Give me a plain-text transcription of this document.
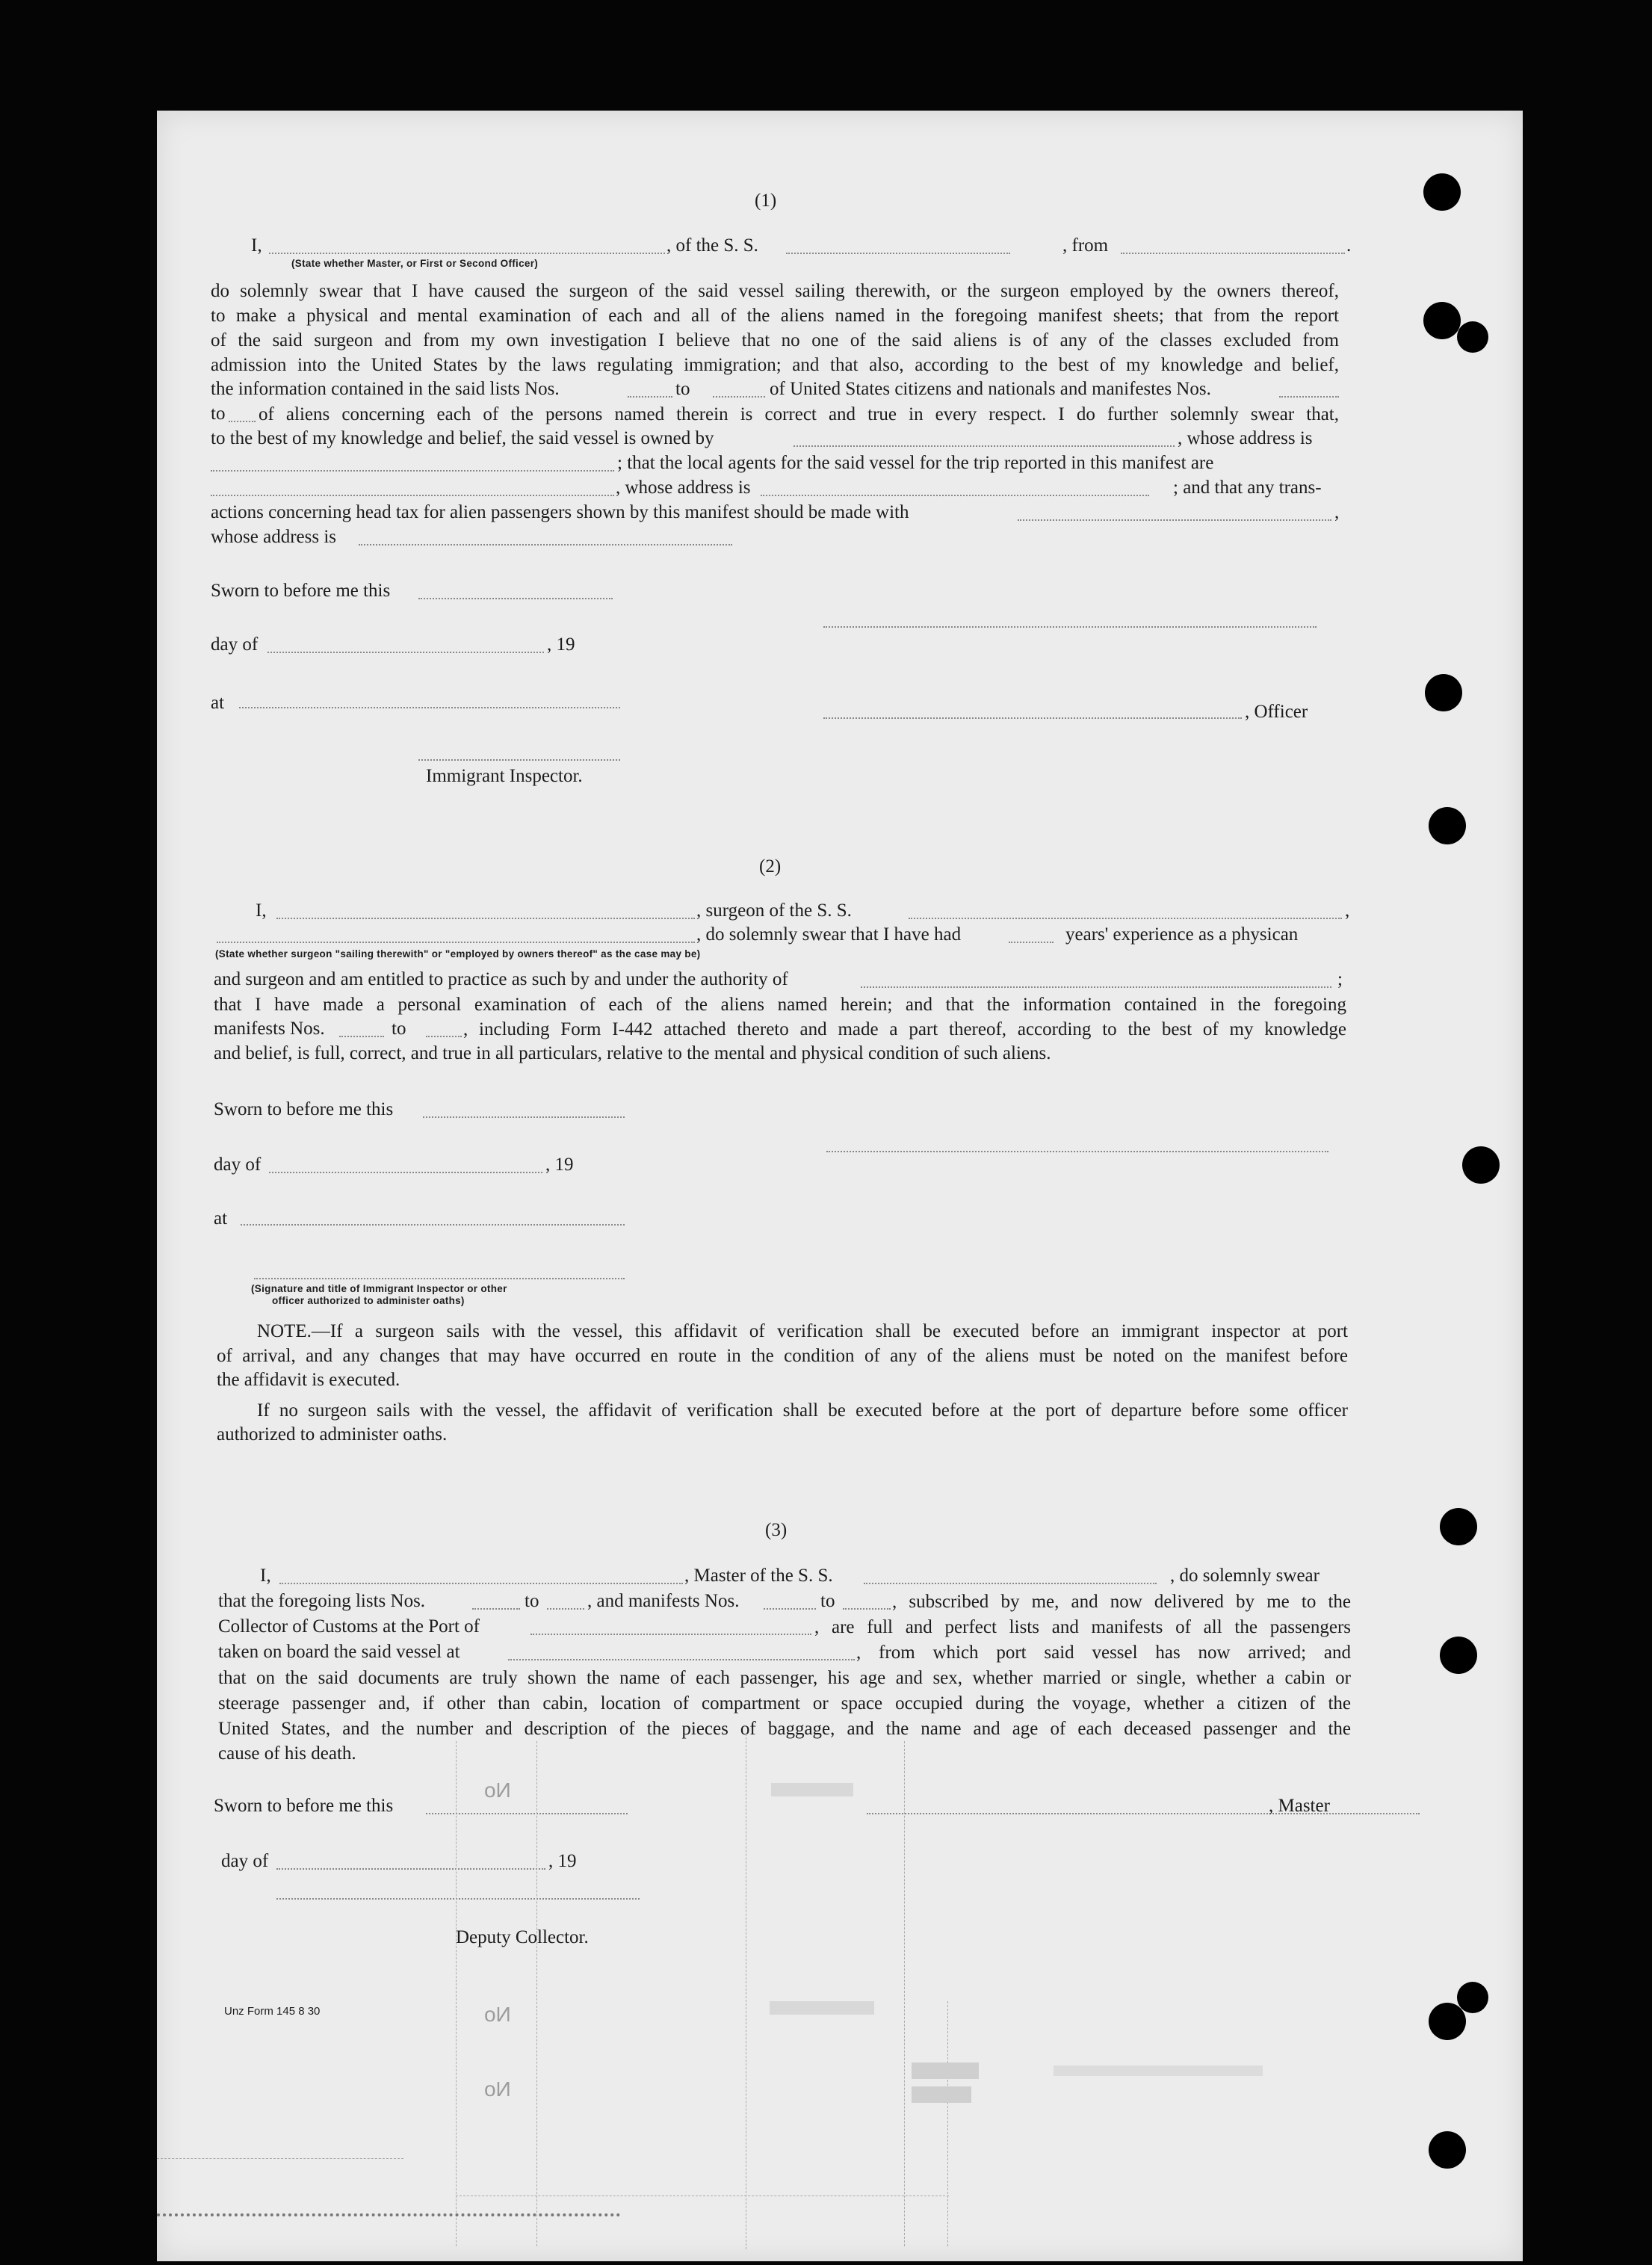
(1)
I,	, of the S. S.	, from	.
(State whether Master, or First or Second Officer)
do solemnly swear that I have caused the surgeon of the said vessel sailing therewith, or the surgeon employed by the owners thereof,
to make a physical and mental examination of each and all of the aliens named in the foregoing manifest sheets; that from the report
of the said surgeon and from my own investigation I believe that no one of the said aliens is of any of the classes excluded from
admission into the United States by the laws regulating immigration; and that also, according to the best of my knowledge and belief,
the information contained in the said lists Nos.	to	of United States citizens and nationals and manifestes Nos.
to of aliens concerning each of the persons named therein is correct and true in every respect. I do further solemnly swear that,
to the best of my knowledge and belief, the said vessel is owned by	, whose address is
; that the local agents for the said vessel for the trip reported in this manifest are
, whose address is	; and that any trans-
actions concerning head tax for alien passengers shown by this manifest should be made with	,
whose address is
Sworn to before me this
day of	, 19
at	, Officer
Immigrant Inspector.
(2)
I,	, surgeon of the S. S.	,
, do solemnly swear that I have had	years' experience as a physican
(State whether surgeon "sailing therewith" or "employed by owners thereof" as the case may be)
and surgeon and am entitled to practice as such by and under the authority of	;
that I have made a personal examination of each of the aliens named herein; and that the information contained in the foregoing
manifests Nos.	to	, including Form I-442 attached thereto and made a part thereof, according to the best of my knowledge
and belief, is full, correct, and true in all particulars, relative to the mental and physical condition of such aliens.
Sworn to before me this
day of	, 19
at
(Signature and title of Immigrant Inspector or other
officer authorized to administer oaths)
NOTE.—If a surgeon sails with the vessel, this affidavit of verification shall be executed before an immigrant inspector at port
of arrival, and any changes that may have occurred en route in the condition of any of the aliens must be noted on the manifest before
the affidavit is executed.
If no surgeon sails with the vessel, the affidavit of verification shall be executed before at the port of departure before some officer
authorized to administer oaths.
(3)
I,	, Master of the S. S.	, do solemnly swear
that the foregoing lists Nos.	to	, and manifests Nos.	to	, subscribed by me, and now delivered by me to the
Collector of Customs at the Port of	, are full and perfect lists and manifests of all the passengers
taken on board the said vessel at	, from which port said vessel has now arrived; and
that on the said documents are truly shown the name of each passenger, his age and sex, whether married or single, whether a cabin or
steerage passenger and, if other than cabin, location of compartment or space occupied during the voyage, whether a citizen of the
United States, and the number and description of the pieces of baggage, and the name and age of each deceased passenger and the
cause of his death.
Sworn to before me this	, Master
day of	, 19
Deputy Collector.
Unz Form 145 8 30
No
No
No
